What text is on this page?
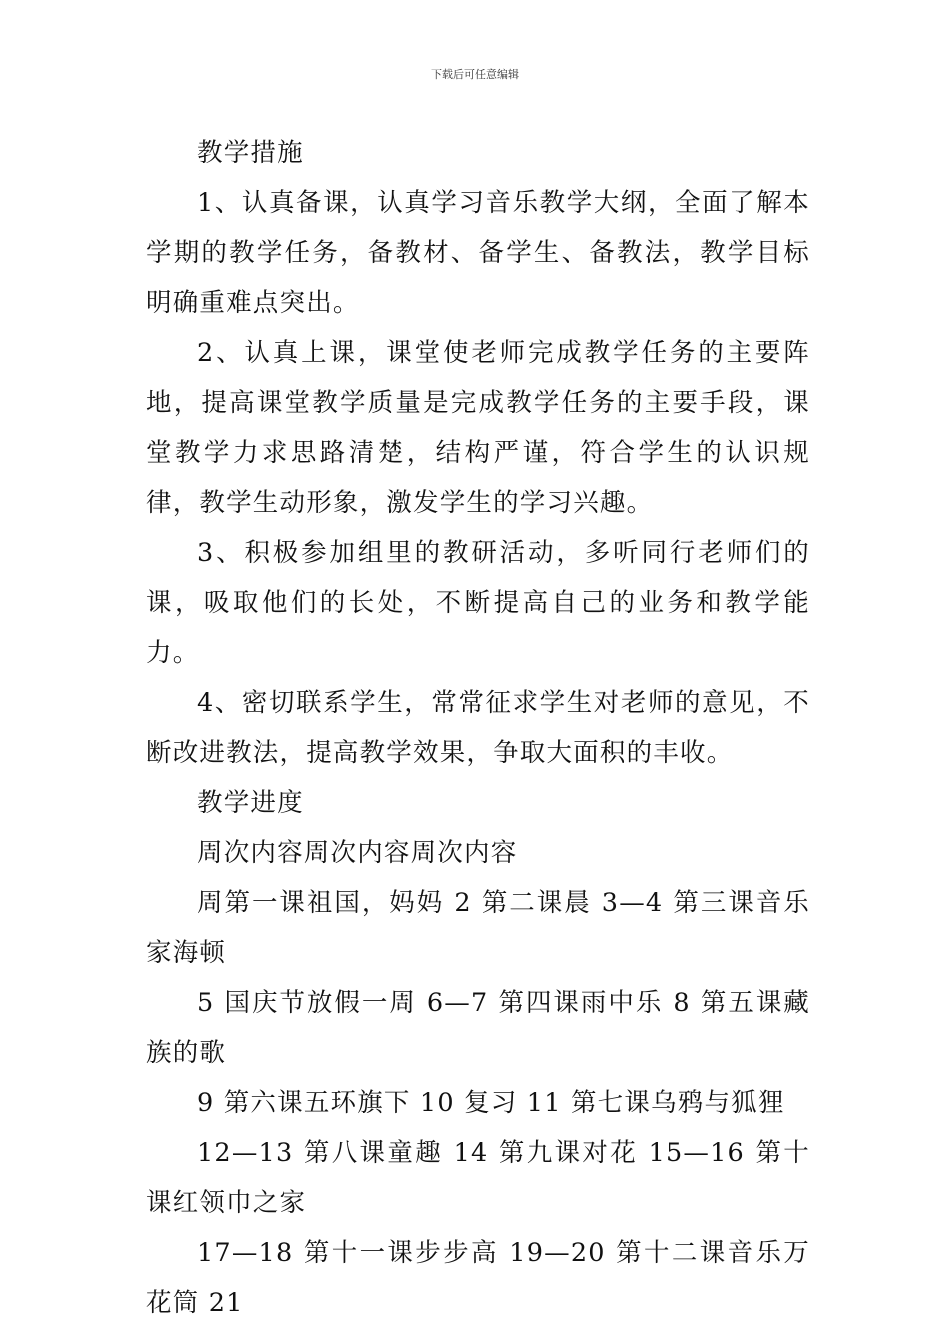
下载后可任意编辑

教学措施

1、认真备课，认真学习音乐教学大纲，全面了解本学期的教学任务，备教材、备学生、备教法，教学目标明确重难点突出。

2、认真上课，课堂使老师完成教学任务的主要阵地，提高课堂教学质量是完成教学任务的主要手段，课堂教学力求思路清楚，结构严谨，符合学生的认识规律，教学生动形象，激发学生的学习兴趣。

3、积极参加组里的教研活动，多听同行老师们的课，吸取他们的长处，不断提高自己的业务和教学能力。

4、密切联系学生，常常征求学生对老师的意见，不断改进教法，提高教学效果，争取大面积的丰收。

教学进度

周次内容周次内容周次内容

周第一课祖国，妈妈 2 第二课晨 3—4 第三课音乐家海顿

5 国庆节放假一周 6—7 第四课雨中乐 8 第五课藏族的歌

9 第六课五环旗下 10 复习 11 第七课乌鸦与狐狸

12—13 第八课童趣 14 第九课对花 15—16 第十课红领巾之家

17—18 第十一课步步高 19—20 第十二课音乐万花筒 21
